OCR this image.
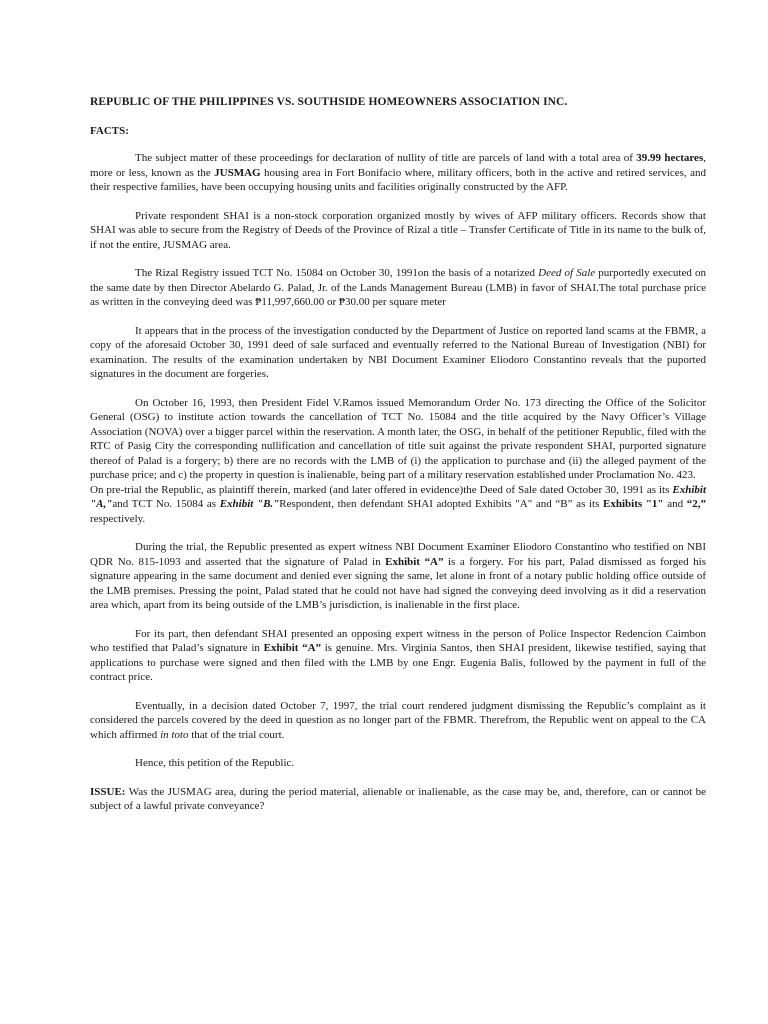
REPUBLIC OF THE PHILIPPINES VS. SOUTHSIDE HOMEOWNERS ASSOCIATION INC.
FACTS:

The subject matter of these proceedings for declaration of nullity of title are parcels of land with a total area of 39.99 hectares, more or less, known as the JUSMAG housing area in Fort Bonifacio where, military officers, both in the active and retired services, and their respective families, have been occupying housing units and facilities originally constructed by the AFP.

Private respondent SHAI is a non-stock corporation organized mostly by wives of AFP military officers. Records show that SHAI was able to secure from the Registry of Deeds of the Province of Rizal a title – Transfer Certificate of Title in its name to the bulk of, if not the entire, JUSMAG area.

The Rizal Registry issued TCT No. 15084 on October 30, 1991on the basis of a notarized Deed of Sale purportedly executed on the same date by then Director Abelardo G. Palad, Jr. of the Lands Management Bureau (LMB) in favor of SHAI.The total purchase price as written in the conveying deed was ₱11,997,660.00 or ₱30.00 per square meter

It appears that in the process of the investigation conducted by the Department of Justice on reported land scams at the FBMR, a copy of the aforesaid October 30, 1991 deed of sale surfaced and eventually referred to the National Bureau of Investigation (NBI) for examination. The results of the examination undertaken by NBI Document Examiner Eliodoro Constantino reveals that the puported signatures in the document are forgeries.

On October 16, 1993, then President Fidel V.Ramos issued Memorandum Order No. 173 directing the Office of the Solicitor General (OSG) to institute action towards the cancellation of TCT No. 15084 and the title acquired by the Navy Officer’s Village Association (NOVA) over a bigger parcel within the reservation. A month later, the OSG, in behalf of the petitioner Republic, filed with the RTC of Pasig City the corresponding nullification and cancellation of title suit against the private respondent SHAI, purported signature thereof of Palad is a forgery; b) there are no records with the LMB of (i) the application to purchase and (ii) the alleged payment of the purchase price; and c) the property in question is inalienable, being part of a military reservation established under Proclamation No. 423.

On pre-trial the Republic, as plaintiff therein, marked (and later offered in evidence)the Deed of Sale dated October 30, 1991 as its Exhibit "A,"and TCT No. 15084 as Exhibit "B."Respondent, then defendant SHAI adopted Exhibits "A" and “B” as its Exhibits "1" and “2,” respectively.

During the trial, the Republic presented as expert witness NBI Document Examiner Eliodoro Constantino who testified on NBI QDR No. 815-1093 and asserted that the signature of Palad in Exhibit “A” is a forgery. For his part, Palad dismissed as forged his signature appearing in the same document and denied ever signing the same, let alone in front of a notary public holding office outside of the LMB premises. Pressing the point, Palad stated that he could not have had signed the conveying deed involving as it did a reservation area which, apart from its being outside of the LMB’s jurisdiction, is inalienable in the first place.

For its part, then defendant SHAI presented an opposing expert witness in the person of Police Inspector Redencion Caimbon who testified that Palad’s signature in Exhibit “A” is genuine. Mrs. Virginia Santos, then SHAI president, likewise testified, saying that applications to purchase were signed and then filed with the LMB by one Engr. Eugenia Balis, followed by the payment in full of the contract price.

Eventually, in a decision dated October 7, 1997, the trial court rendered judgment dismissing the Republic’s complaint as it considered the parcels covered by the deed in question as no longer part of the FBMR. Therefrom, the Republic went on appeal to the CA which affirmed in toto that of the trial court.

Hence, this petition of the Republic.

ISSUE: Was the JUSMAG area, during the period material, alienable or inalienable, as the case may be, and, therefore, can or cannot be subject of a lawful private conveyance?
